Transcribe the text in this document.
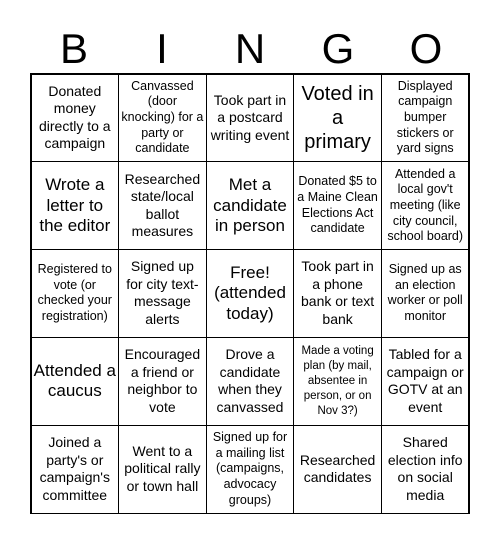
B	I	N	G	O
Donated money directly to a campaign
Canvassed (door knocking) for a party or candidate
Took part in a postcard writing event
Voted in a primary
Displayed campaign bumper stickers or yard signs
Wrote a letter to the editor
Researched state/local ballot measures
Met a candidate in person
Donated $5 to a Maine Clean Elections Act candidate
Attended a local gov't meeting (like city council, school board)
Registered to vote (or checked your registration)
Signed up for city text-message alerts
Free! (attended today)
Took part in a phone bank or text bank
Signed up as an election worker or poll monitor
Attended a caucus
Encouraged a friend or neighbor to vote
Drove a candidate when they canvassed
Made a voting plan (by mail, absentee in person, or on Nov 3?)
Tabled for a campaign or GOTV at an event
Joined a party's or campaign's committee
Went to a political rally or town hall
Signed up for a mailing list (campaigns, advocacy groups)
Researched candidates
Shared election info on social media
